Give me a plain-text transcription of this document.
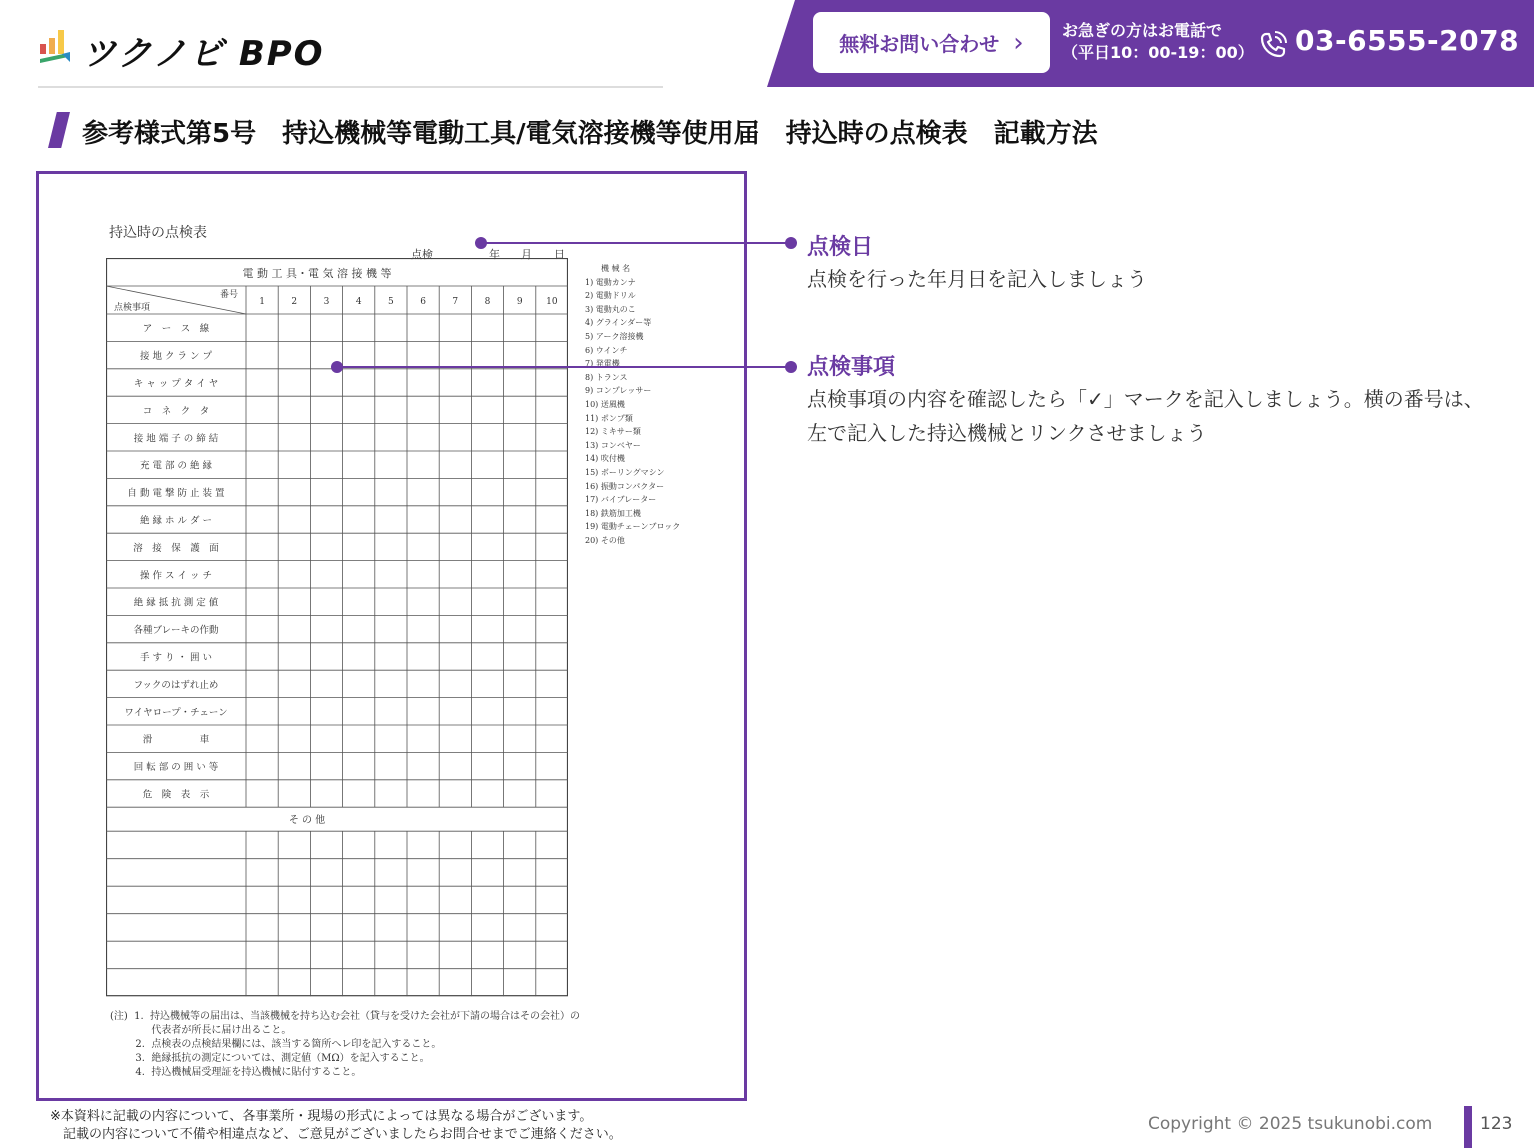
ツクノビ BPO	無料お問い合わせ › お急ぎの方はお電話で
（平日10：00-19：00） 03-6555-2078
参考様式第5号　持込機械等電動工具/電気溶接機等使用届　持込時の点検表　記載方法
持込時の点検表
点検	年 月 日
電 動 工 具・電 気 溶 接 機 等
番号
点検事項
1	2	3	4	5	6	7	8	9	10
ア　ー　ス　線
接 地 ク ラ ン プ
キ ャ ッ プ タ イ ヤ
コ　ネ　ク　タ
接 地 端 子 の 締 結
充 電 部 の 絶 縁
自 動 電 撃 防 止 装 置
絶 縁 ホ ル ダ ー
溶　接　保　護　面
操 作 ス イ ッ チ
絶 縁 抵 抗 測 定 値
各種ブレーキの作動
手 す り ・ 囲 い
フックのはずれ止め
ワイヤロープ・チェーン
滑　　　　　車
回 転 部 の 囲 い 等
危　険　表　示
そ の 他
機 械 名
1) 電動カンナ
2) 電動ドリル
3) 電動丸のこ
4) グラインダー等
5) アーク溶接機
6) ウインチ
7) 発電機
8) トランス
9) コンプレッサー
10) 送風機
11) ポンプ類
12) ミキサー類
13) コンベヤー
14) 吹付機
15) ボーリングマシン
16) 振動コンパクター
17) バイブレーター
18) 鉄筋加工機
19) 電動チェーンブロック
20) その他
(注)  1.  持込機械等の届出は、当該機械を持ち込む会社（貸与を受けた会社が下請の場合はその会社）の
代表者が所長に届け出ること。
2.  点検表の点検結果欄には、該当する箇所へレ印を記入すること。
3.  絶縁抵抗の測定については、測定値（MΩ）を記入すること。
4.  持込機械届受理証を持込機械に貼付すること。
点検日
点検を行った年月日を記入しましょう
点検事項
点検事項の内容を確認したら「✓」マークを記入しましょう。横の番号は、左で記入した持込機械とリンクさせましょう
※本資料に記載の内容について、各事業所・現場の形式によっては異なる場合がございます。
　記載の内容について不備や相違点など、ご意見がございましたらお問合せまでご連絡ください。
Copyright © 2025 tsukunobi.com	123
